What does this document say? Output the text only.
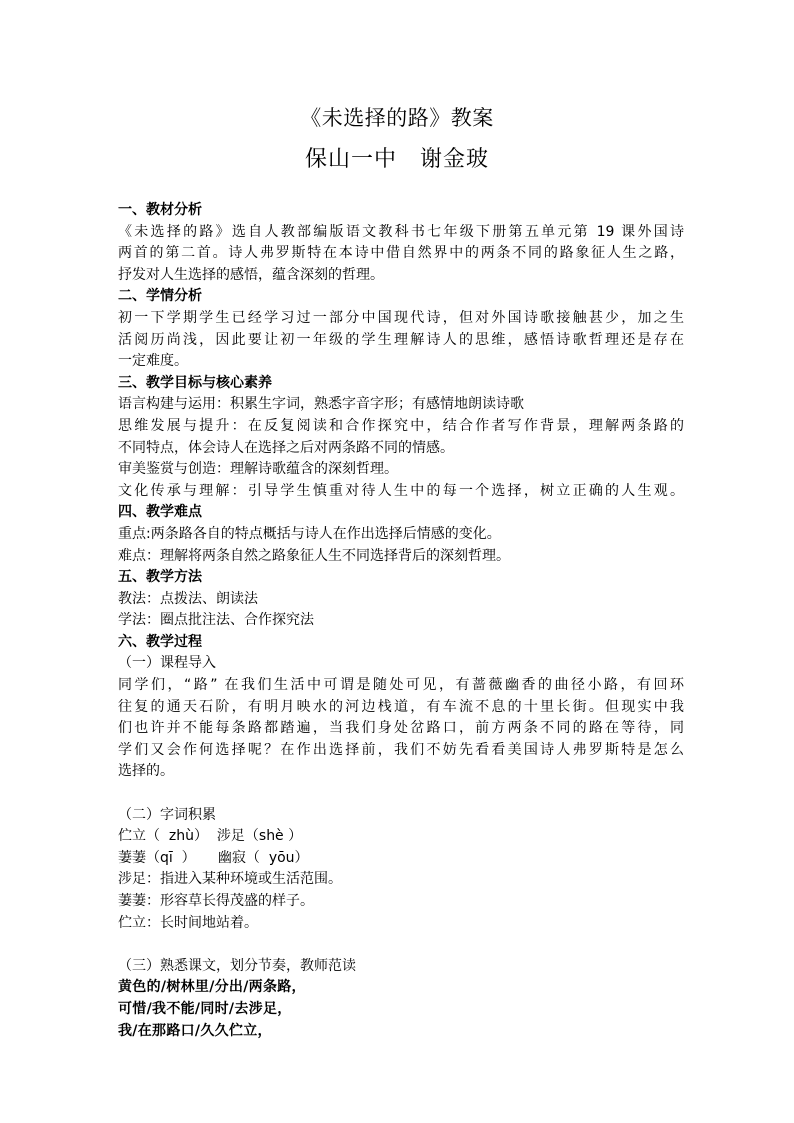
《未选择的路》教案
保山一中　谢金玻
一、教材分析
《未选择的路》选自人教部编版语文教科书七年级下册第五单元第 19 课外国诗
两首的第二首。诗人弗罗斯特在本诗中借自然界中的两条不同的路象征人生之路，
抒发对人生选择的感悟，蕴含深刻的哲理。
二、学情分析
初一下学期学生已经学习过一部分中国现代诗，但对外国诗歌接触甚少，加之生
活阅历尚浅，因此要让初一年级的学生理解诗人的思维，感悟诗歌哲理还是存在
一定难度。
三、教学目标与核心素养
语言构建与运用：积累生字词，熟悉字音字形；有感情地朗读诗歌
思维发展与提升：在反复阅读和合作探究中，结合作者写作背景，理解两条路的
不同特点，体会诗人在选择之后对两条路不同的情感。
审美鉴赏与创造：理解诗歌蕴含的深刻哲理。
文化传承与理解：引导学生慎重对待人生中的每一个选择，树立正确的人生观。
四、教学难点
重点:两条路各自的特点概括与诗人在作出选择后情感的变化。
难点：理解将两条自然之路象征人生不同选择背后的深刻哲理。
五、教学方法
教法：点拨法、朗读法
学法：圈点批注法、合作探究法
六、教学过程
（一）课程导入
同学们，“路” 在我们生活中可谓是随处可见，有蔷薇幽香的曲径小路，有回环
往复的通天石阶，有明月映水的河边栈道，有车流不息的十里长街。但现实中我
们也许并不能每条路都踏遍，当我们身处岔路口，前方两条不同的路在等待，同
学们又会作何选择呢？在作出选择前，我们不妨先看看美国诗人弗罗斯特是怎么
选择的。
（二）字词积累
伫立（  zhù）  涉足（shè ）
萋萋（qī  ）     幽寂（  yōu）
涉足：指进入某种环境或生活范围。
萋萋：形容草长得茂盛的样子。
伫立：长时间地站着。
（三）熟悉课文，划分节奏，教师范读
黄色的/树林里/分出/两条路，
可惜/我不能/同时/去涉足，
我/在那路口/久久伫立，
